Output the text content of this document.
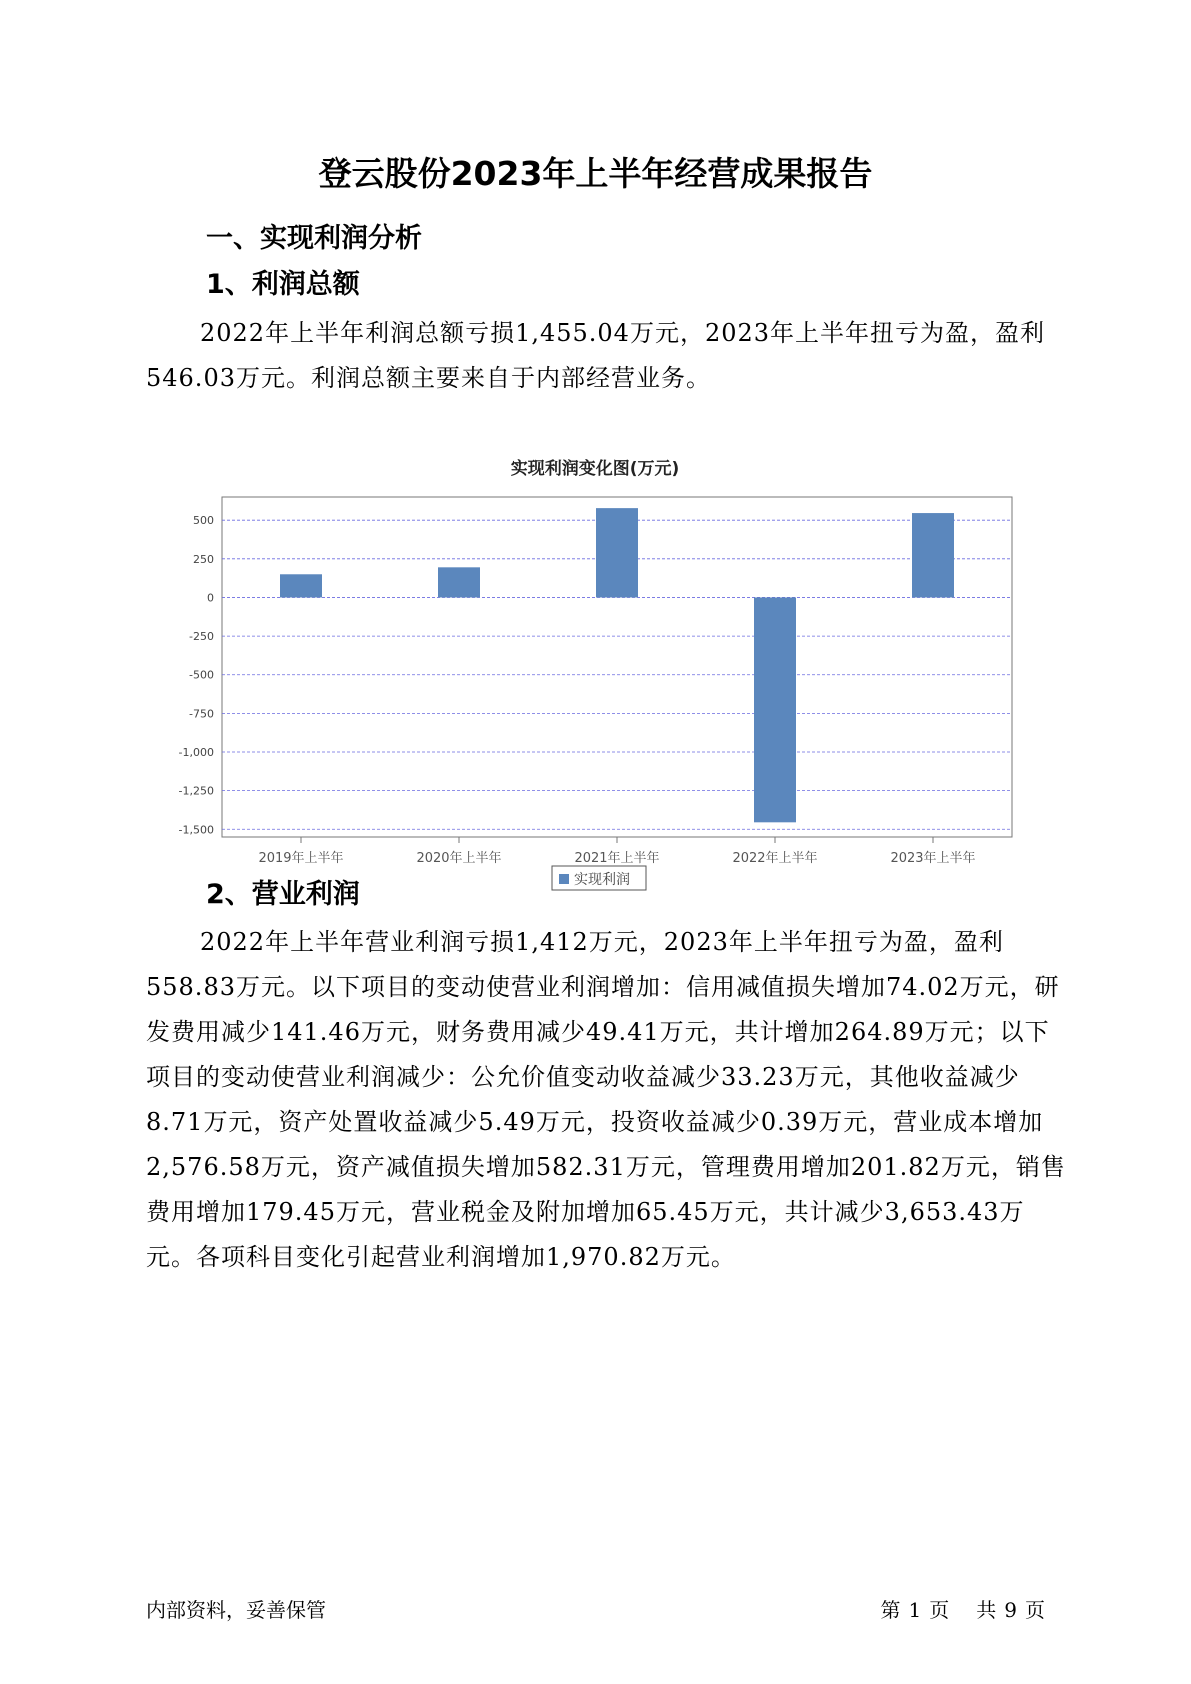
登云股份2023年上半年经营成果报告
一、实现利润分析
1、利润总额

2022年上半年利润总额亏损1,455.04万元，2023年上半年扭亏为盈，盈利546.03万元。利润总额主要来自于内部经营业务。

实现利润变化图(万元)
500
250
0
-250
-500
-750
-1,000
-1,250
-1,500
2019年上半年	2020年上半年	2021年上半年	2022年上半年	2023年上半年
实现利润
2、营业利润

2022年上半年营业利润亏损1,412万元，2023年上半年扭亏为盈，盈利558.83万元。以下项目的变动使营业利润增加：信用减值损失增加74.02万元，研发费用减少141.46万元，财务费用减少49.41万元，共计增加264.89万元；以下项目的变动使营业利润减少：公允价值变动收益减少33.23万元，其他收益减少8.71万元，资产处置收益减少5.49万元，投资收益减少0.39万元，营业成本增加2,576.58万元，资产减值损失增加582.31万元，管理费用增加201.82万元，销售费用增加179.45万元，营业税金及附加增加65.45万元，共计减少3,653.43万元。各项科目变化引起营业利润增加1,970.82万元。

内部资料，妥善保管	第 1 页 共 9 页
